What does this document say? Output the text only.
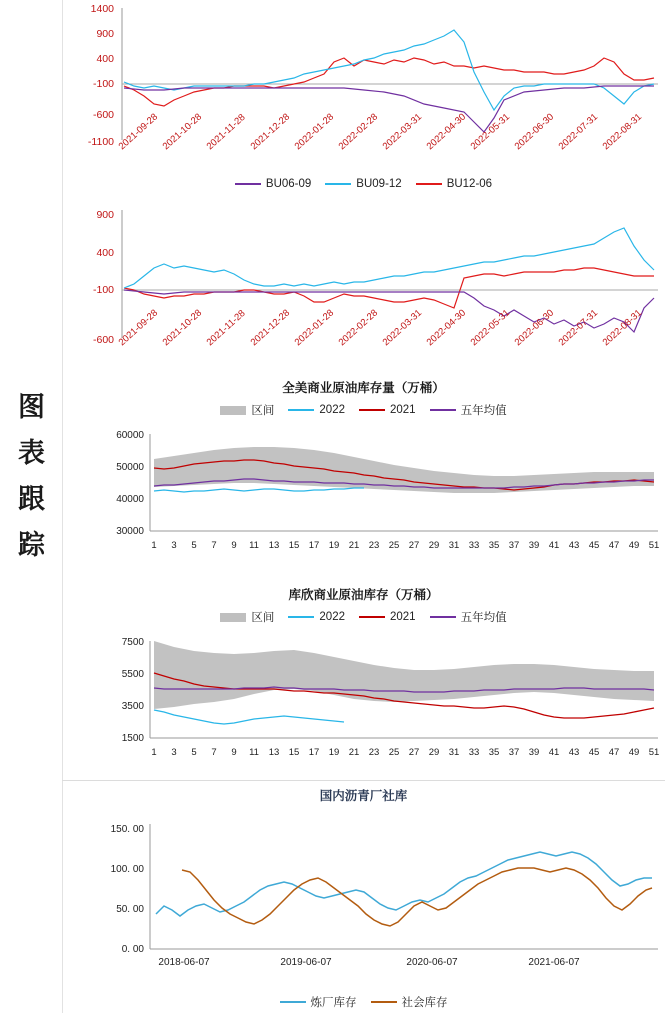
图
表
跟
踪
1400
900
400
-100
-600
-1100 2021-09-28 2021-10-28 2021-11-28 2021-12-28 2022-01-28 2022-02-28 2022-03-31 2022-04-30 2022-05-31 2022-06-30 2022-07-31 2022-08-31
BU06-09	BU09-12	BU12-06
900
400
-100
-600 2021-09-28 2021-10-28 2021-11-28 2021-12-28 2022-01-28 2022-02-28 2022-03-31 2022-04-30 2022-05-31 2022-06-30 2022-07-31 2022-08-31
全美商业原油库存量（万桶）
区间	2022	2021	五年均值
60000
50000
40000
30000
1 3 5 7 9 11 13 15 17 19 21 23 25 27 29 31 33 35 37 39 41 43 45 47 49 51
库欣商业原油库存（万桶）
区间	2022	2021	五年均值
7500
5500
3500
1500
1 3 5 7 9 11 13 15 17 19 21 23 25 27 29 31 33 35 37 39 41 43 45 47 49 51
国内沥青厂社库
150. 00
100. 00
50. 00
0. 00
2018-06-07	2019-06-07	2020-06-07	2021-06-07
炼厂库存	社会库存
